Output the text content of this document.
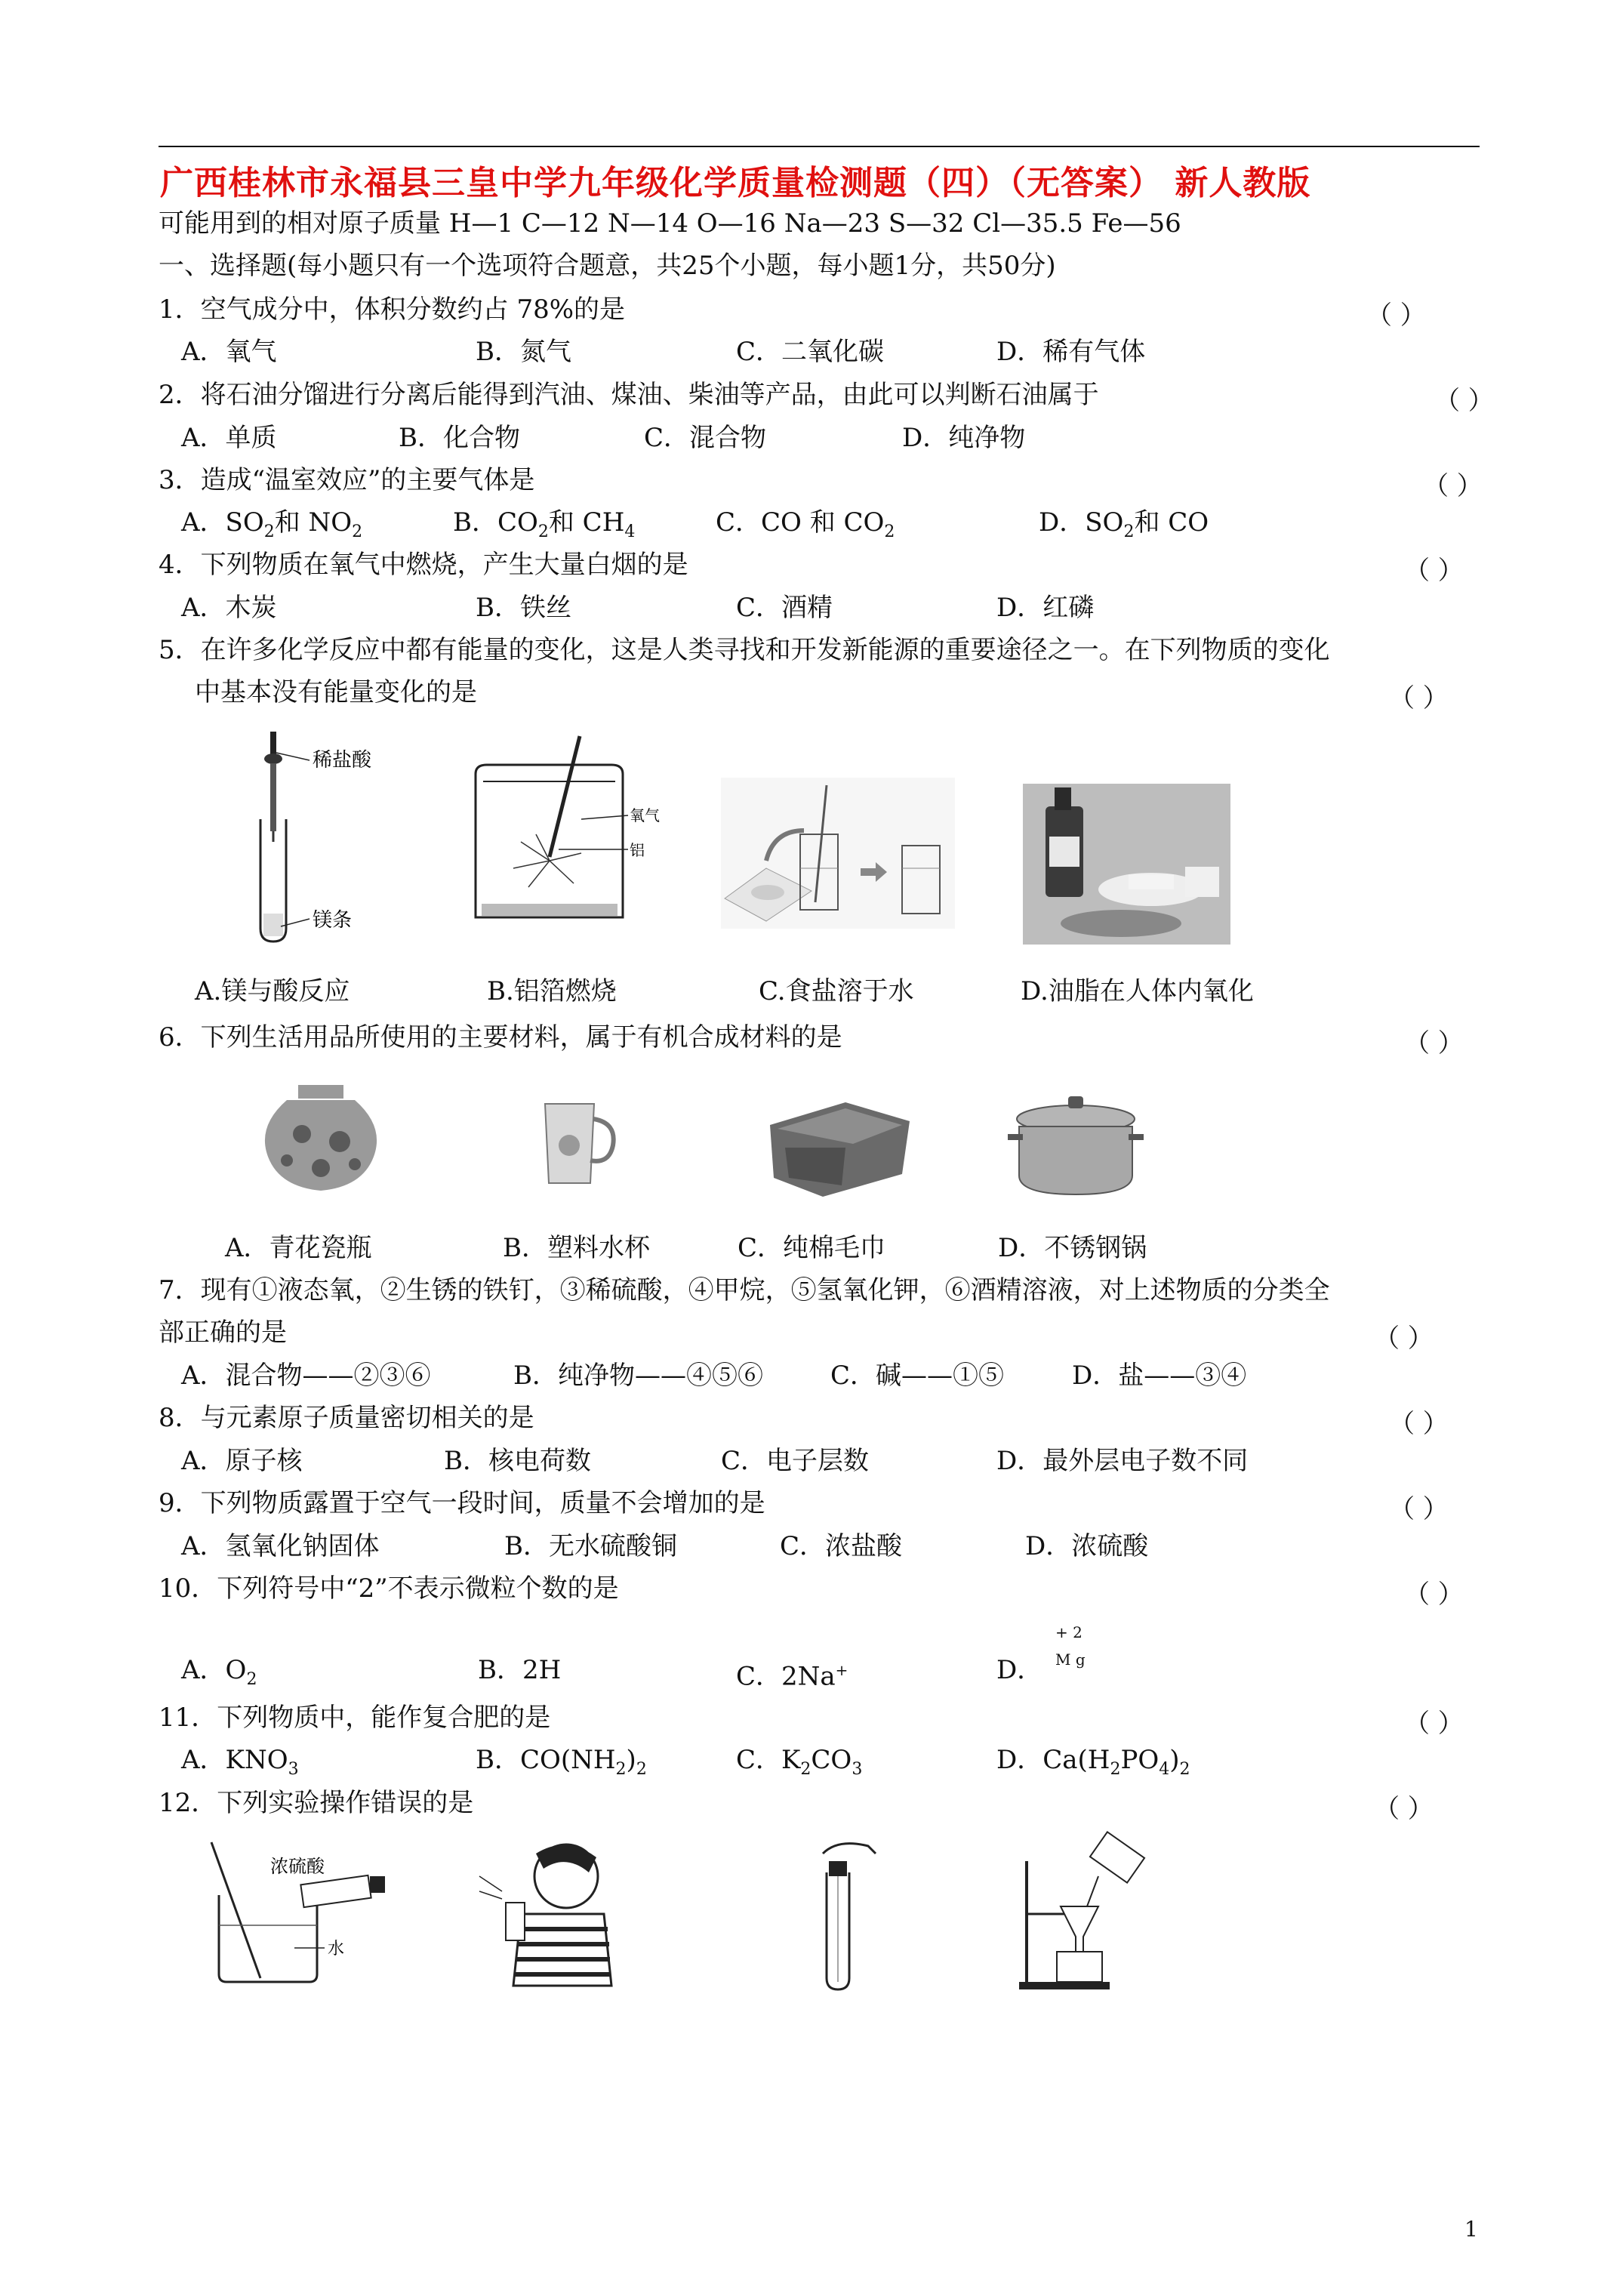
广西桂林市永福县三皇中学九年级化学质量检测题（四）（无答案） 新人教版
可能用到的相对原子质量 H—1 C—12 N—14 O—16 Na—23 S—32 Cl—35.5 Fe—56
一、选择题(每小题只有一个选项符合题意，共25个小题，每小题1分，共50分)
1．空气成分中，体积分数约占 78%的是	（ ）
A．氧气	B．氮气	C．二氧化碳	D．稀有气体
2．将石油分馏进行分离后能得到汽油、煤油、柴油等产品，由此可以判断石油属于	（ ）
A．单质	B．化合物	C．混合物	D．纯净物
3．造成“温室效应”的主要气体是	（ ）
A．$SO_2$和 $NO_2$	B．$CO_2$和 $CH_4$	C．CO 和 $CO_2$	D．$SO_2$和 CO
4．下列物质在氧气中燃烧，产生大量白烟的是	（ ）
A．木炭	B．铁丝	C．酒精	D．红磷
5．在许多化学反应中都有能量的变化，这是人类寻找和开发新能源的重要途径之一。在下列物质的变化
中基本没有能量变化的是	（ ）
稀盐酸
镁条
氧气
铝
A.镁与酸反应	B.铝箔燃烧	C.食盐溶于水	D.油脂在人体内氧化
6．下列生活用品所使用的主要材料，属于有机合成材料的是	（ ）
A．青花瓷瓶	B．塑料水杯	C．纯棉毛巾	D．不锈钢锅
7．现有①液态氧，②生锈的铁钉，③稀硫酸，④甲烷，⑤氢氧化钾，⑥酒精溶液，对上述物质的分类全
部正确的是	（ ）
A．混合物——②③⑥	B．纯净物——④⑤⑥	C．碱——①⑤	D．盐——③④
8．与元素原子质量密切相关的是	（ ）
A．原子核	B．核电荷数	C．电子层数	D．最外层电子数不同
9．下列物质露置于空气一段时间，质量不会增加的是	（ ）
A．氢氧化钠固体	B．无水硫酸铜	C．浓盐酸	D．浓硫酸
10．下列符号中“2”不表示微粒个数的是	（ ）
A．$O_2$	B．2H	C．2Na+	D．
+ 2
M g
11．下列物质中，能作复合肥的是	（ ）
A．$KNO_3$	B．$CO(NH_2)_2$	C．$K_2CO_3$	D．$Ca(H_2PO_4)_2$
12．下列实验操作错误的是	（ ）
浓硫酸
水
1
